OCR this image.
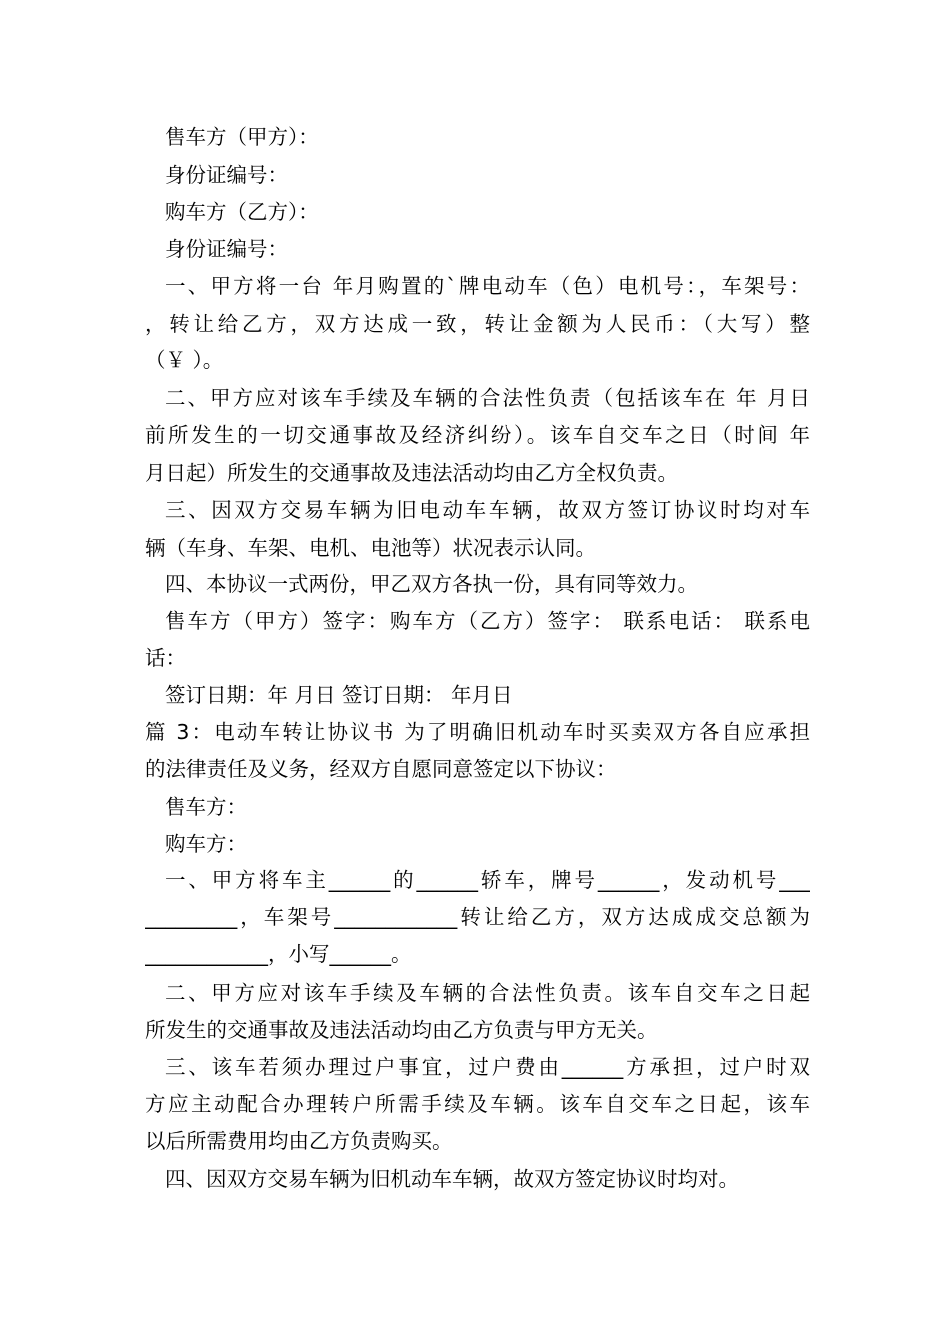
售车方（甲方）：
身份证编号：
购车方（乙方）：
身份证编号：
一、甲方将一台 年月购置的`牌电动车（色）电机号：，车架号：
，转让给乙方，双方达成一致，转让金额为人民币：（大写）整
（￥ ）。
二、甲方应对该车手续及车辆的合法性负责（包括该车在 年 月日
前所发生的一切交通事故及经济纠纷）。该车自交车之日（时间 年
月日起）所发生的交通事故及违法活动均由乙方全权负责。
三、因双方交易车辆为旧电动车车辆，故双方签订协议时均对车
辆（车身、车架、电机、电池等）状况表示认同。
四、本协议一式两份，甲乙双方各执一份，具有同等效力。
售车方（甲方）签字：购车方（乙方）签字： 联系电话： 联系电
话：
签订日期：年 月日 签订日期： 年月日
篇 3：电动车转让协议书 为了明确旧机动车时买卖双方各自应承担
的法律责任及义务，经双方自愿同意签定以下协议：
售车方：
购车方：
一、甲方将车主______的______轿车，牌号______，发动机号___
_________，车架号____________转让给乙方，双方达成成交总额为
____________，小写______。
二、甲方应对该车手续及车辆的合法性负责。该车自交车之日起
所发生的交通事故及违法活动均由乙方负责与甲方无关。
三、该车若须办理过户事宜，过户费由______方承担，过户时双
方应主动配合办理转户所需手续及车辆。该车自交车之日起，该车
以后所需费用均由乙方负责购买。
四、因双方交易车辆为旧机动车车辆，故双方签定协议时均对。
